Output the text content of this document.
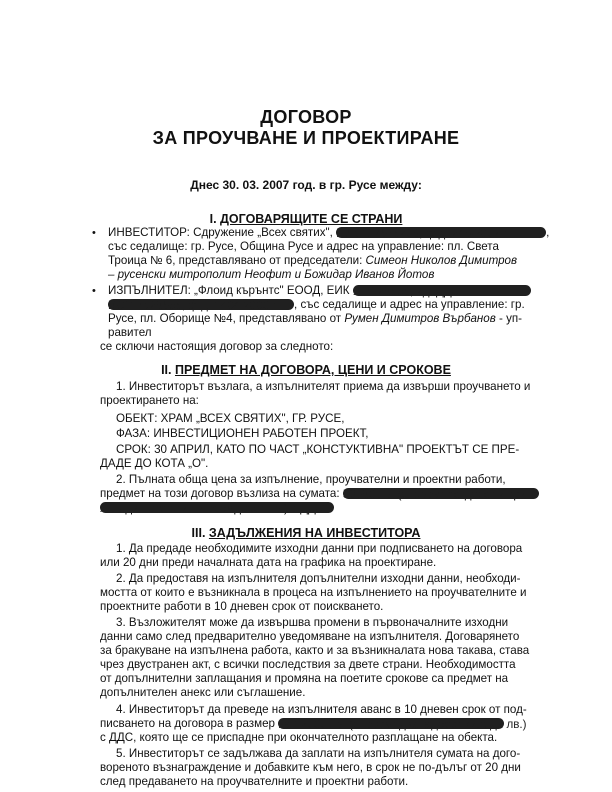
ДОГОВОР
ЗА ПРОУЧВАНЕ И ПРОЕКТИРАНЕ
Днес 30. 03. 2007 год. в гр. Русе между:
I. ДОГОВАРЯЩИТЕ СЕ СТРАНИ
• ИНВЕСТИТОР: Сдружение „Всех святих", ЕИК 117676206, ф.д. 245/2007 г.	,
със седалище: гр. Русе, Община Русе и адрес на управление: пл. Света
Троица № 6, представлявано от председатели: Симеон Николов Димитров
– русенски митрополит Неофит и Божидар Иванов Йотов
• ИЗПЪЛНИТЕЛ: „Флоид кърънтс" ЕООД, ЕИК 117528666, ид. ДДС
BG117528666, ф.д. 1404/2000 г. , със седалище и адрес на управление: гр.
Русе, пл. Оборище №4, представлявано от Румен Димитров Върбанов - уп-
равител
се сключи настоящия договор за следното:
II. ПРЕДМЕТ НА ДОГОВОРА, ЦЕНИ И СРОКОВЕ
1. Инвеститорът възлага, а изпълнителят приема да извърши проучването и
проектирането на:
ОБЕКТ: ХРАМ „ВСЕХ СВЯТИХ", ГР. РУСЕ,
ФАЗА: ИНВЕСТИЦИОНЕН РАБОТЕН ПРОЕКТ,
СРОК: 30 АПРИЛ, КАТО ПО ЧАСТ „КОНСТУКТИВНА" ПРОЕКТЪТ СЕ ПРЕ-
ДАДЕ ДО КОТА „О".
2. Пълната обща цена за изпълнение, проучвателни и проектни работи,
предмет на този договор възлиза на сумата: 53580 лв. (словом: петдесет и три
хиляди петстотин и осемдесет лв.) с ДДС.
III. ЗАДЪЛЖЕНИЯ НА ИНВЕСТИТОРА
1. Да предаде необходимите изходни данни при подписването на договора
или 20 дни преди началната дата на графика на проектиране.
2. Да предоставя на изпълнителя допълнителни изходни данни, необходи-
мостта от които е възникнала в процеса на изпълнението на проучвателните и
проектните работи в 10 дневен срок от поискването.
3. Възложителят може да извършва промени в първоначалните изходни
данни само след предварително уведомяване на изпълнителя. Договарянето
за бракуване на изпълнена работа, както и за възникналата нова такава, става
чрез двустранен акт, с всички последствия за двете страни. Необходимостта
от допълнителни заплащания и промяна на поетите срокове са предмет на
допълнителен анекс или съглашение.
4. Инвеститорът да преведе на изпълнителя аванс в 10 дневен срок от под-
писването на договора в размер на 12000 лв. (словом: дванадесет хиляди лв.)
с ДДС, която ще се приспадне при окончателното разплащане на обекта.
5. Инвеститорът се задължава да заплати на изпълнителя сумата на дого-
вореното възнаграждение и добавките към него, в срок не по-дълъг от 20 дни
след предаването на проучвателните и проектни работи.
